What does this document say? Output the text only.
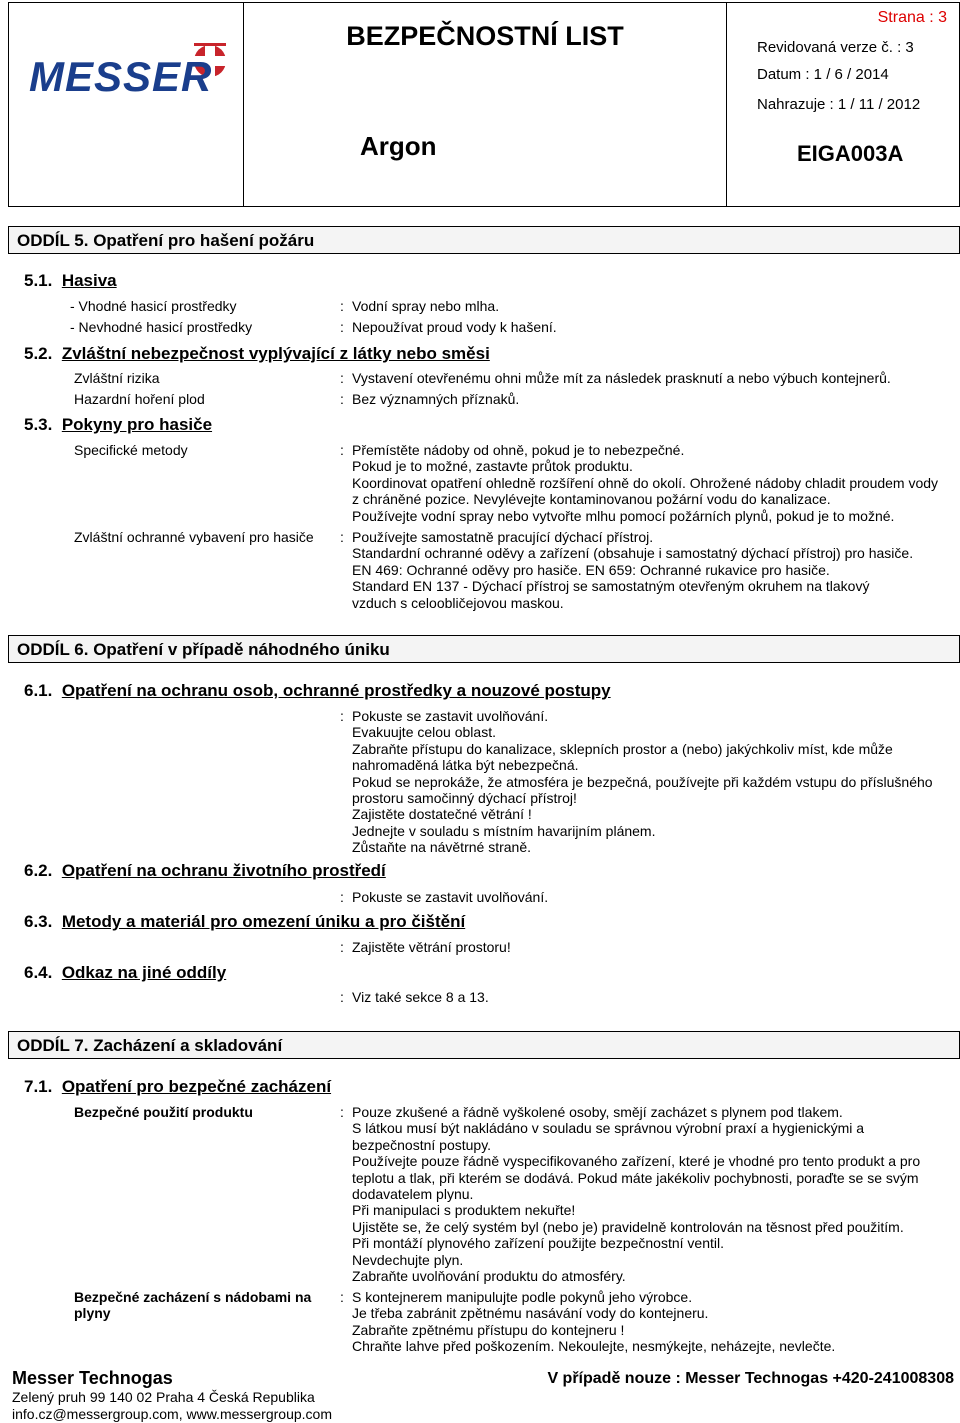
MESSER
BEZPEČNOSTNÍ LIST
Argon
Strana : 3
Revidovaná verze č. : 3
Datum : 1 / 6 / 2014
Nahrazuje : 1 / 11 / 2012
EIGA003A
ODDÍL 5. Opatření pro hašení požáru
5.1. Hasiva
- Vhodné hasicí prostředky	: Vodní spray nebo mlha.
- Nevhodné hasicí prostředky	: Nepoužívat proud vody k hašení.
5.2. Zvláštní nebezpečnost vyplývající z látky nebo směsi
Zvláštní rizika	: Vystavení otevřenému ohni může mít za následek prasknutí a nebo výbuch kontejnerů.
Hazardní hoření plod	: Bez významných příznaků.
5.3. Pokyny pro hasiče
Specifické metody	: Přemístěte nádoby od ohně, pokud je to nebezpečné.
Pokud je to možné, zastavte průtok produktu.
Koordinovat opatření ohledně rozšíření ohně do okolí. Ohrožené nádoby chladit proudem vody
z chráněné pozice. Nevylévejte kontaminovanou požární vodu do kanalizace.
Používejte vodní spray nebo vytvořte mlhu pomocí požárních plynů, pokud je to možné.
Zvláštní ochranné vybavení pro hasiče : Používejte samostatně pracující dýchací přístroj.
Standardní ochranné oděvy a zařízení (obsahuje i samostatný dýchací přístroj) pro hasiče.
EN 469: Ochranné oděvy pro hasiče. EN 659: Ochranné rukavice pro hasiče.
Standard EN 137 - Dýchací přístroj se samostatným otevřeným okruhem na tlakový
vzduch s celoobličejovou maskou.
ODDÍL 6. Opatření v případě náhodného úniku
6.1. Opatření na ochranu osob, ochranné prostředky a nouzové postupy
: Pokuste se zastavit uvolňování.
Evakuujte celou oblast.
Zabraňte přístupu do kanalizace, sklepních prostor a (nebo) jakýchkoliv míst, kde může
nahromaděná látka být nebezpečná.
Pokud se neprokáže, že atmosféra je bezpečná, používejte při každém vstupu do příslušného
prostoru samočinný dýchací přístroj!
Zajistěte dostatečné větrání !
Jednejte v souladu s místním havarijním plánem.
Zůstaňte na návětrné straně.
6.2. Opatření na ochranu životního prostředí
: Pokuste se zastavit uvolňování.
6.3. Metody a materiál pro omezení úniku a pro čištění
: Zajistěte větrání prostoru!
6.4. Odkaz na jiné oddíly
: Viz také sekce 8 a 13.
ODDÍL 7. Zacházení a skladování
7.1. Opatření pro bezpečné zacházení
Bezpečné použití produktu	: Pouze zkušené a řádně vyškolené osoby, smějí zacházet s plynem pod tlakem.
S látkou musí být nakládáno v souladu se správnou výrobní praxí a hygienickými a
bezpečnostní postupy.
Používejte pouze řádně vyspecifikovaného zařízení, které je vhodné pro tento produkt a pro
teplotu a tlak, při kterém se dodává. Pokud máte jakékoliv pochybnosti, poraďte se se svým
dodavatelem plynu.
Při manipulaci s produktem nekuřte!
Ujistěte se, že celý systém byl (nebo je) pravidelně kontrolován na těsnost před použitím.
Při montáží plynového zařízení použijte bezpečnostní ventil.
Nevdechujte plyn.
Zabraňte uvolňování produktu do atmosféry.
Bezpečné zacházení s nádobami na
plyny
: S kontejnerem manipulujte podle pokynů jeho výrobce.
Je třeba zabránit zpětnému nasávání vody do kontejneru.
Zabraňte zpětnému přístupu do kontejneru !
Chraňte lahve před poškozením. Nekoulejte, nesmýkejte, neházejte, nevlečte.
Messer Technogas
Zelený pruh 99 140 02 Praha 4 Česká Republika
info.cz@messergroup.com, www.messergroup.com
V případě nouze : Messer Technogas +420-241008308
